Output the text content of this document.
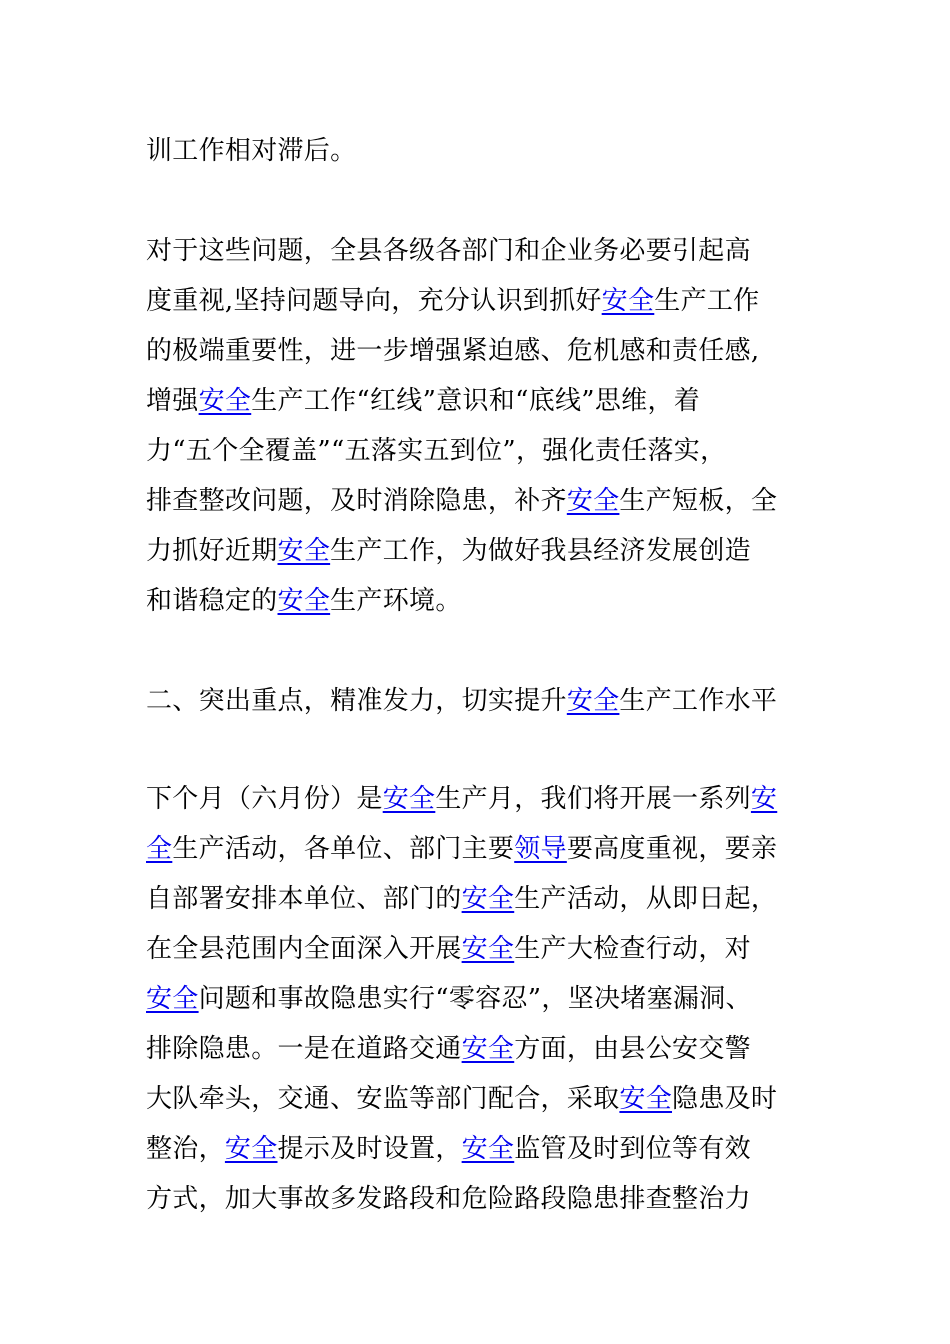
训工作相对滞后。
对于这些问题，全县各级各部门和企业务必要引起高
度重视,坚持问题导向，充分认识到抓好安全生产工作
的极端重要性，进一步增强紧迫感、危机感和责任感,
增强安全生产工作“红线”意识和“底线”思维，着
力“五个全覆盖”“五落实五到位”，强化责任落实，
排查整改问题，及时消除隐患，补齐安全生产短板，全
力抓好近期安全生产工作，为做好我县经济发展创造
和谐稳定的安全生产环境。
二、突出重点，精准发力，切实提升安全生产工作水平
下个月（六月份）是安全生产月，我们将开展一系列安
全生产活动，各单位、部门主要领导要高度重视，要亲
自部署安排本单位、部门的安全生产活动，从即日起，
在全县范围内全面深入开展安全生产大检查行动，对
安全问题和事故隐患实行“零容忍”，坚决堵塞漏洞、
排除隐患。一是在道路交通安全方面，由县公安交警
大队牵头，交通、安监等部门配合，采取安全隐患及时
整治，安全提示及时设置，安全监管及时到位等有效
方式，加大事故多发路段和危险路段隐患排查整治力
